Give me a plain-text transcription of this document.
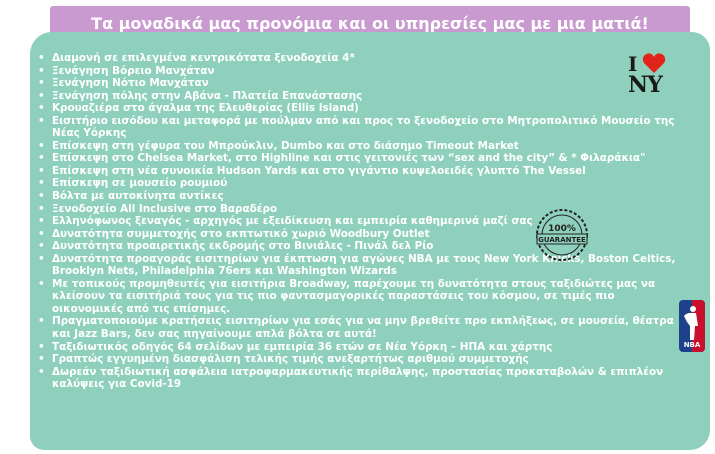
Τα μοναδικά μας προνόμια και οι υπηρεσίες μας με μια ματιά!
• Διαμονή σε επιλεγμένα κεντρικότατα ξενοδοχεία 4*
• Ξενάγηση Βόρειο Μανχάταν
• Ξενάγηση Νότιο Μανχάταν
• Ξενάγηση πόλης στην Αβάνα - Πλατεία Επανάστασης
• Κρουαζιέρα στο άγαλμα της Ελευθερίας (Ellis Island)
• Εισιτήριο εισόδου και μεταφορά με πούλμαν από και προς το ξενοδοχείο στο Μητροπολιτικό Μουσείο της Νέας Υόρκης
• Επίσκεψη στη γέφυρα του Μπρούκλιν, Dumbo και στο διάσημο Timeout Market
• Επίσκεψη στο Chelsea Market, στο Highline και στις γειτονιές των “sex and the city” & * Φιλαράκια"
• Επίσκεψη στη νέα συνοικία Hudson Yards και στο γιγάντιο κυψελοειδές γλυπτό The Vessel
• Επίσκεψη σε μουσείο ρουμιού
• Βόλτα με αυτοκίνητα αντίκες
• Ξενοδοχείο All Inclusive στο Βαραδέρο
• Ελληνόφωνος ξεναγός - αρχηγός με εξειδίκευση και εμπειρία καθημερινά μαζί σας
• Δυνατότητα συμμετοχής στο εκπτωτικό χωριό Woodbury Outlet
• Δυνατότητα προαιρετικής εκδρομής στο Βινιάλες - Πινάλ δελ Ρίο
• Δυνατότητα προαγοράς εισιτηρίων για έκπτωση για αγώνες NBA με τους New York Knicks, Boston Celtics, Brooklyn Nets, Philadelphia 76ers και Washington Wizards
• Με τοπικούς προμηθευτές για εισιτήρια Broadway, παρέχουμε τη δυνατότητα στους ταξιδιώτες μας να κλείσουν τα εισιτήριά τους για τις πιο φαντασμαγορικές παραστάσεις του κόσμου, σε τιμές πιο οικονομικές από τις επίσημες.
• Πραγματοποιούμε κρατήσεις εισιτηρίων για εσάς για να μην βρεθείτε προ εκπλήξεως, σε μουσεία, θέατρα και Jazz Bars, δεν σας πηγαίνουμε απλά βόλτα σε αυτά!
• Ταξιδιωτικός οδηγός 64 σελίδων με εμπειρία 36 ετών σε Νέα Υόρκη – ΗΠΑ και χάρτης
• Γραπτώς εγγυημένη διασφάλιση τελικής τιμής ανεξαρτήτως αριθμού συμμετοχής
• Δωρεάν ταξιδιωτική ασφάλεια ιατροφαρμακευτικής περίθαλψης, προστασίας προκαταβολών & επιπλέον καλύψεις για Covid-19
I
NY
100%
GUARANTEE
NBA
